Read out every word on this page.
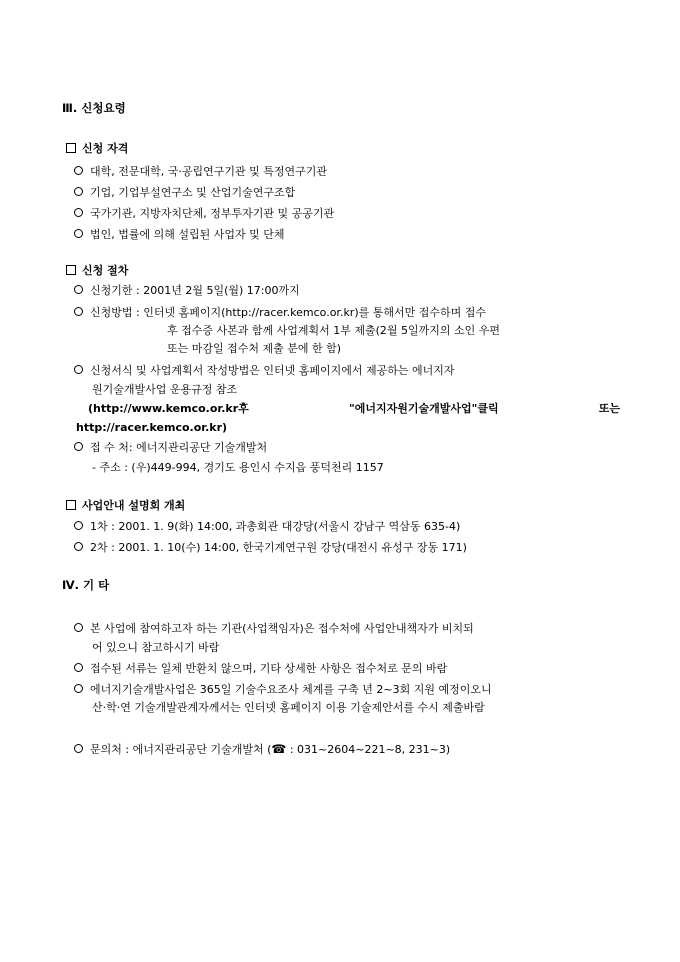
Ⅲ. 신청요령
신청 자격
대학, 전문대학, 국·공립연구기관 및 특정연구기관
기업, 기업부설연구소 및 산업기술연구조합
국가기관, 지방자치단체, 정부투자기관 및 공공기관
법인, 법률에 의해 설립된 사업자 및 단체
신청 절차
신청기한 : 2001년 2월 5일(월) 17:00까지
신청방법 : 인터넷 홈페이지(http://racer.kemco.or.kr)를 통해서만 접수하며 접수
후 접수증 사본과 함께 사업계획서 1부 제출(2월 5일까지의 소인 우편
또는 마감일 접수처 제출 분에 한 함)
신청서식 및 사업계획서 작성방법은 인터넷 홈페이지에서 제공하는 에너지자
원기술개발사업 운용규정 참조
(http://www.kemco.or.kr후	"에너지자원기술개발사업"클릭	또는
http://racer.kemco.or.kr)
접 수 처: 에너지관리공단 기술개발처
- 주소 : (우)449-994, 경기도 용인시 수지읍 풍덕천리 1157
사업안내 설명회 개최
1차 : 2001. 1. 9(화) 14:00, 과총회관 대강당(서울시 강남구 역삼동 635-4)
2차 : 2001. 1. 10(수) 14:00, 한국기계연구원 강당(대전시 유성구 장동 171)
Ⅳ. 기 타
본 사업에 참여하고자 하는 기관(사업책임자)은 접수처에 사업안내책자가 비치되
어 있으니 참고하시기 바람
접수된 서류는 일체 반환치 않으며, 기타 상세한 사항은 접수처로 문의 바람
에너지기술개발사업은 365일 기술수요조사 체계를 구축 년 2~3회 지원 예정이오니
산·학·연 기술개발관계자께서는 인터넷 홈페이지 이용 기술제안서를 수시 제출바람
문의처 : 에너지관리공단 기술개발처 (☎ : 031~2604~221~8, 231~3)
